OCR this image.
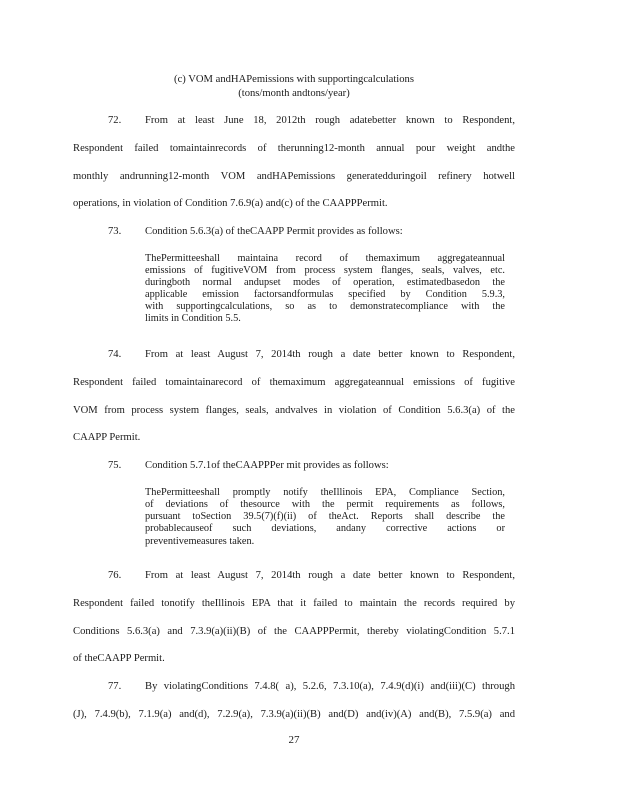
(c) VOM andHAPemissions with supportingcalculations
(tons/month andtons/year)
72. From at least June 18, 2012th rough adatebetter known to Respondent,
Respondent failed tomaintainrecords of therunning12-month annual pour weight andthe
monthly andrunning12-month VOM andHAPemissions generatedduringoil refinery hotwell
operations, in violation of Condition 7.6.9(a) and(c) of the CAAPPPermit.
73. Condition 5.6.3(a) of theCAAPP Permit provides as follows:
ThePermitteeshall maintaina record of themaximum aggregateannual
emissions of fugitiveVOM from process system flanges, seals, valves, etc.
duringboth normal andupset modes of operation, estimatedbasedon the
applicable emission factorsandformulas specified by Condition 5.9.3,
with supportingcalculations, so as to demonstratecompliance with the
limits in Condition 5.5.
74. From at least August 7, 2014th rough a date better known to Respondent,
Respondent failed tomaintainarecord of themaximum aggregateannual emissions of fugitive
VOM from process system flanges, seals, andvalves in violation of Condition 5.6.3(a) of the
CAAPP Permit.
75. Condition 5.7.1of theCAAPPPer mit provides as follows:
ThePermitteeshall promptly notify theIllinois EPA, Compliance Section,
of deviations of thesource with the permit requirements as follows,
pursuant toSection 39.5(7)(f)(ii) of theAct. Reports shall describe the
probablecauseof such deviations, andany corrective actions or
preventivemeasures taken.
76. From at least August 7, 2014th rough a date better known to Respondent,
Respondent failed tonotify theIllinois EPA that it failed to maintain the records required by
Conditions 5.6.3(a) and 7.3.9(a)(ii)(B) of the CAAPPPermit, thereby violatingCondition 5.7.1
of theCAAPP Permit.
77. By violatingConditions 7.4.8( a), 5.2.6, 7.3.10(a), 7.4.9(d)(i) and(iii)(C) through
(J), 7.4.9(b), 7.1.9(a) and(d), 7.2.9(a), 7.3.9(a)(ii)(B) and(D) and(iv)(A) and(B), 7.5.9(a) and
27
